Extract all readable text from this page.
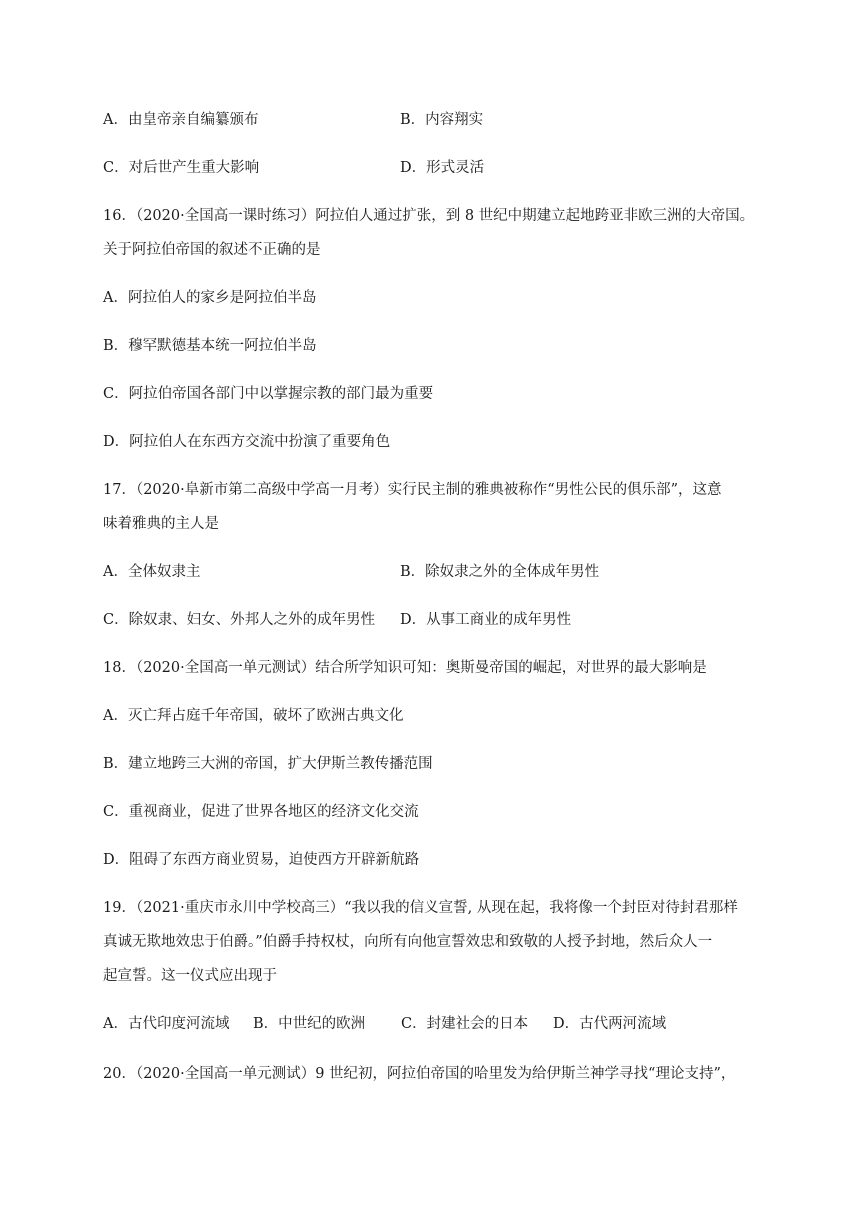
A．由皇帝亲自编纂颁布	B．内容翔实
C．对后世产生重大影响	D．形式灵活
16．（2020·全国高一课时练习）阿拉伯人通过扩张，到 8 世纪中期建立起地跨亚非欧三洲的大帝国。
关于阿拉伯帝国的叙述不正确的是
A．阿拉伯人的家乡是阿拉伯半岛
B．穆罕默德基本统一阿拉伯半岛
C．阿拉伯帝国各部门中以掌握宗教的部门最为重要
D．阿拉伯人在东西方交流中扮演了重要角色
17．（2020·阜新市第二高级中学高一月考）实行民主制的雅典被称作“男性公民的俱乐部”，这意
味着雅典的主人是
A．全体奴隶主	B．除奴隶之外的全体成年男性
C．除奴隶、妇女、外邦人之外的成年男性 D．从事工商业的成年男性
18．（2020·全国高一单元测试）结合所学知识可知：奥斯曼帝国的崛起，对世界的最大影响是
A．灭亡拜占庭千年帝国，破坏了欧洲古典文化
B．建立地跨三大洲的帝国，扩大伊斯兰教传播范围
C．重视商业，促进了世界各地区的经济文化交流
D．阻碍了东西方商业贸易，迫使西方开辟新航路
19．（2021·重庆市永川中学校高三）“我以我的信义宣誓, 从现在起，我将像一个封臣对待封君那样
真诚无欺地效忠于伯爵。”伯爵手持权杖，向所有向他宣誓效忠和致敬的人授予封地，然后众人一
起宣誓。这一仪式应出现于
A．古代印度河流域 B．中世纪的欧洲 C．封建社会的日本 D．古代两河流域
20．（2020·全国高一单元测试）9 世纪初，阿拉伯帝国的哈里发为给伊斯兰神学寻找“理论支持”，
